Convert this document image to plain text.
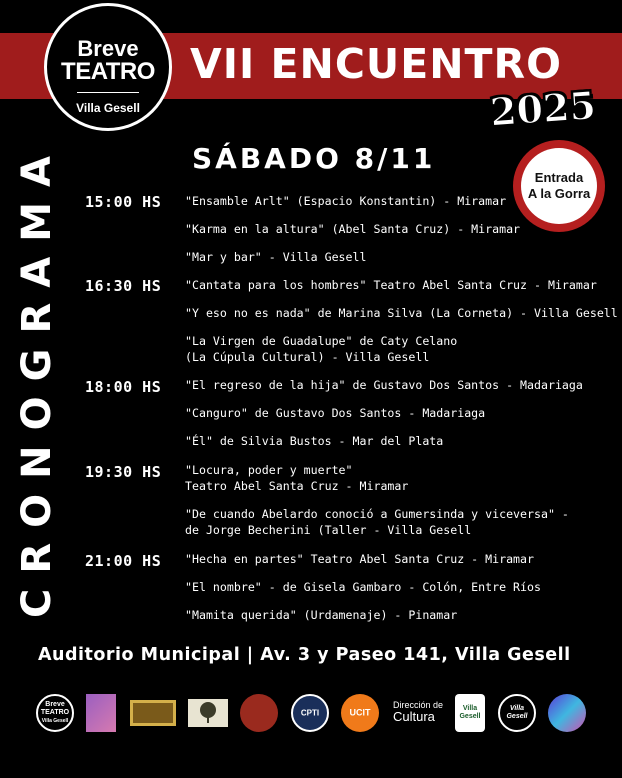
VII ENCUENTRO
2025
Breve
TEATRO
Villa Gesell
CRONOGRAMA	SÁBADO 8/11
Entrada
A la Gorra
15:00 HS
16:30 HS
18:00 HS
19:30 HS
21:00 HS
"Ensamble Arlt" (Espacio Konstantin) - Miramar
"Karma en la altura" (Abel Santa Cruz) - Miramar
"Mar y bar" - Villa Gesell
"Cantata para los hombres" Teatro Abel Santa Cruz - Miramar
"Y eso no es nada" de Marina Silva (La Corneta) - Villa Gesell
"La Virgen de Guadalupe" de Caty Celano
(La Cúpula Cultural) - Villa Gesell
"El regreso de la hija" de Gustavo Dos Santos - Madariaga
"Canguro" de Gustavo Dos Santos - Madariaga
"Él" de Silvia Bustos - Mar del Plata
"Locura, poder y muerte"
Teatro Abel Santa Cruz - Miramar
"De cuando Abelardo conoció a Gumersinda y viceversa" -
de Jorge Becherini (Taller - Villa Gesell
"Hecha en partes" Teatro Abel Santa Cruz - Miramar
"El nombre" - de Gisela Gambaro - Colón, Entre Ríos
"Mamita querida" (Urdamenaje) - Pinamar
Auditorio Municipal | Av. 3 y Paseo 141, Villa Gesell
Breve
TEATRO
Villa Gesell
CPTI	UCIT
Dirección de
Cultura
Villa
Gesell
Villa
Gesell
